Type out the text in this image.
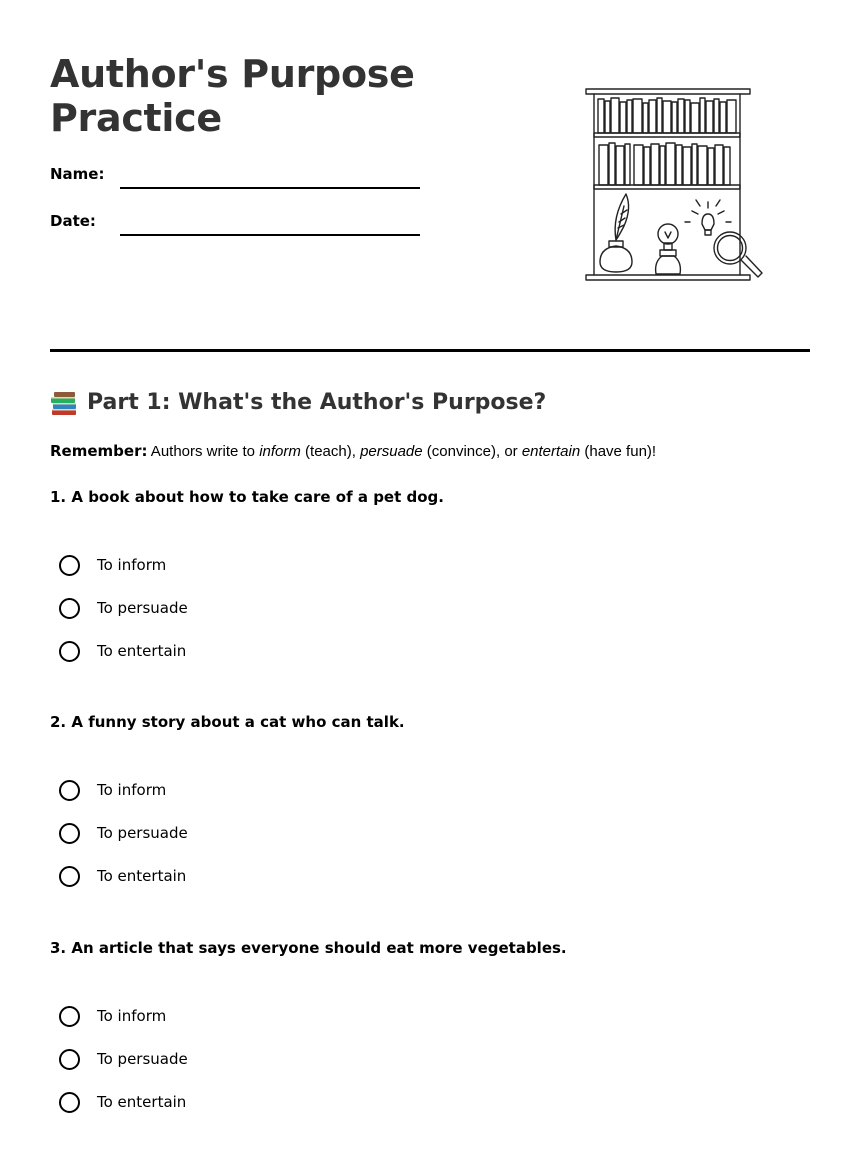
Author's Purpose
Practice
Name:
Date:
Part 1: What's the Author's Purpose?
Remember: Authors write to inform (teach), persuade (convince), or entertain (have fun)!
1. A book about how to take care of a pet dog.
To inform
To persuade
To entertain
2. A funny story about a cat who can talk.
To inform
To persuade
To entertain
3. An article that says everyone should eat more vegetables.
To inform
To persuade
To entertain
